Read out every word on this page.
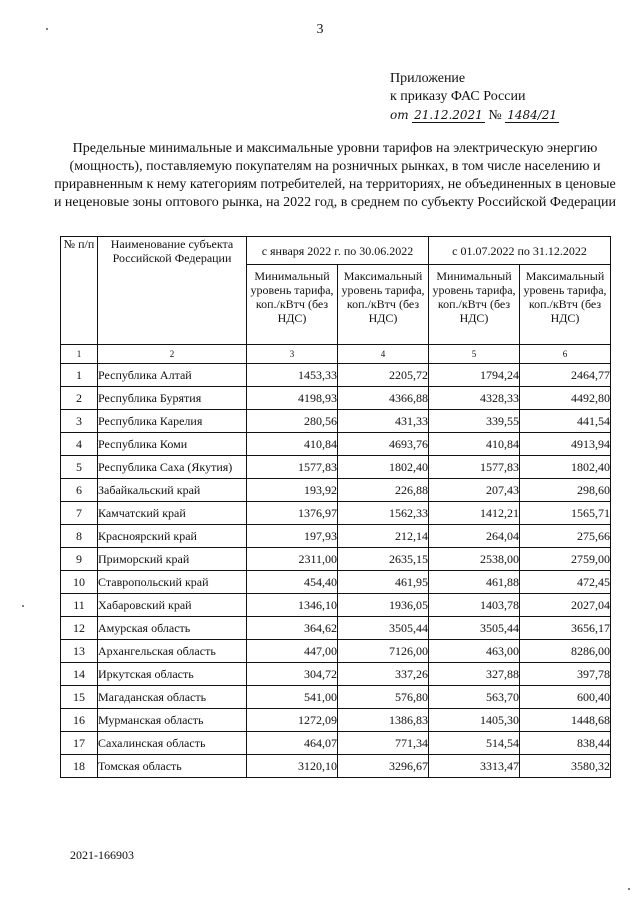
3
Приложение
к приказу ФАС России
от 21.12.2021 № 1484/21
Предельные минимальные и максимальные уровни тарифов на электрическую энергию (мощность), поставляемую покупателям на розничных рынках, в том числе населению и приравненным к нему категориям потребителей, на территориях, не объединенных в ценовые и неценовые зоны оптового рынка, на 2022 год, в среднем по субъекту Российской Федерации
№ п/п	Наименование субъекта Российской Федерации	с января 2022 г. по 30.06.2022		с 01.07.2022 по 31.12.2022	
		Минимальный уровень тарифа, коп./кВтч (без НДС)	Максимальный уровень тарифа, коп./кВтч (без НДС)	Минимальный уровень тарифа, коп./кВтч (без НДС)	Максимальный уровень тарифа, коп./кВтч (без НДС)
1	2	3	4	5	6
1	Республика Алтай	1453,33	2205,72	1794,24	2464,77
2	Республика Бурятия	4198,93	4366,88	4328,33	4492,80
3	Республика Карелия	280,56	431,33	339,55	441,54
4	Республика Коми	410,84	4693,76	410,84	4913,94
5	Республика Саха (Якутия)	1577,83	1802,40	1577,83	1802,40
6	Забайкальский край	193,92	226,88	207,43	298,60
7	Камчатский край	1376,97	1562,33	1412,21	1565,71
8	Красноярский край	197,93	212,14	264,04	275,66
9	Приморский край	2311,00	2635,15	2538,00	2759,00
10	Ставропольский край	454,40	461,95	461,88	472,45
11	Хабаровский край	1346,10	1936,05	1403,78	2027,04
12	Амурская область	364,62	3505,44	3505,44	3656,17
13	Архангельская область	447,00	7126,00	463,00	8286,00
14	Иркутская область	304,72	337,26	327,88	397,78
15	Магаданская область	541,00	576,80	563,70	600,40
16	Мурманская область	1272,09	1386,83	1405,30	1448,68
17	Сахалинская область	464,07	771,34	514,54	838,44
18	Томская область	3120,10	3296,67	3313,47	3580,32
2021-166903
